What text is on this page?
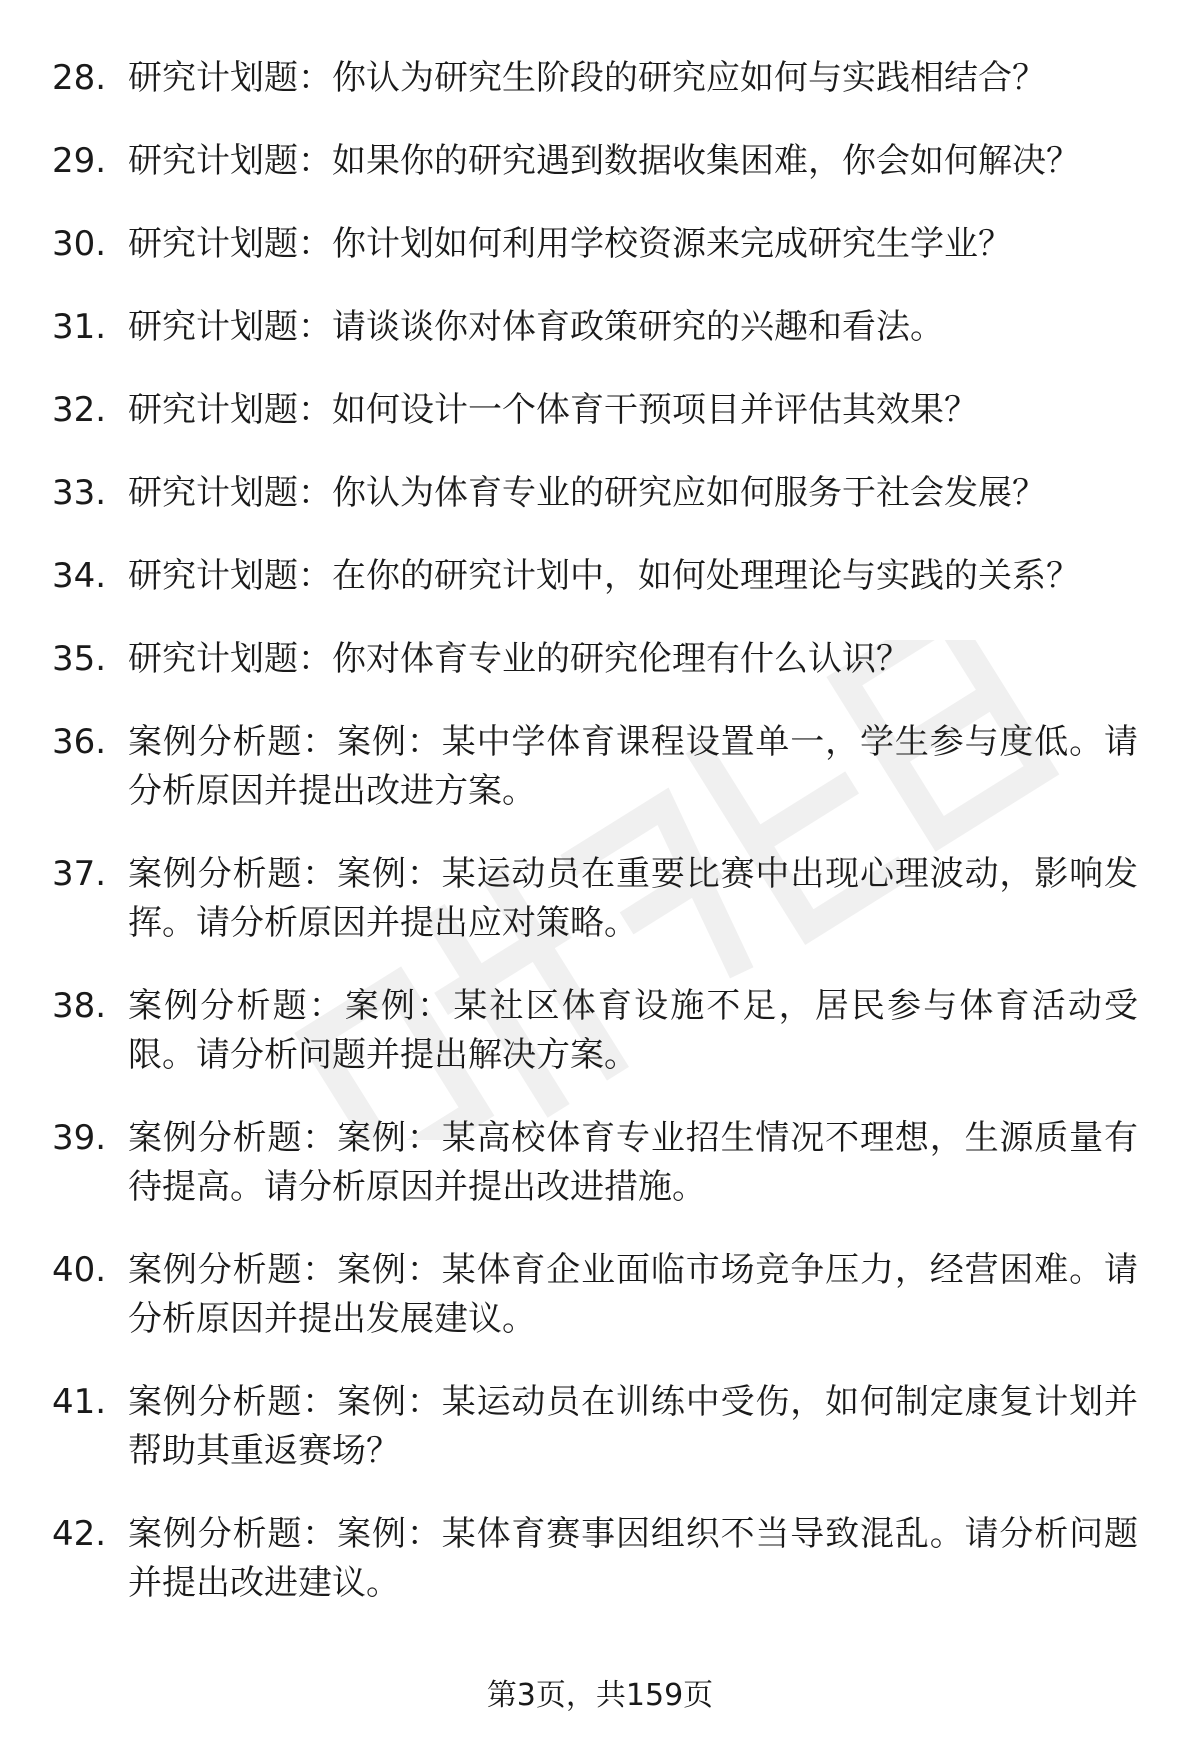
28. 研究计划题：你认为研究生阶段的研究应如何与实践相结合？
29. 研究计划题：如果你的研究遇到数据收集困难，你会如何解决？
30. 研究计划题：你计划如何利用学校资源来完成研究生学业？
31. 研究计划题：请谈谈你对体育政策研究的兴趣和看法。
32. 研究计划题：如何设计一个体育干预项目并评估其效果？
33. 研究计划题：你认为体育专业的研究应如何服务于社会发展？
34. 研究计划题：在你的研究计划中，如何处理理论与实践的关系？
35. 研究计划题：你对体育专业的研究伦理有什么认识？
36. 案例分析题：案例：某中学体育课程设置单一，学生参与度低。请分析原因并提出改进方案。
37. 案例分析题：案例：某运动员在重要比赛中出现心理波动，影响发挥。请分析原因并提出应对策略。
38. 案例分析题：案例：某社区体育设施不足，居民参与体育活动受限。请分析问题并提出解决方案。
39. 案例分析题：案例：某高校体育专业招生情况不理想，生源质量有待提高。请分析原因并提出改进措施。
40. 案例分析题：案例：某体育企业面临市场竞争压力，经营困难。请分析原因并提出发展建议。
41. 案例分析题：案例：某运动员在训练中受伤，如何制定康复计划并帮助其重返赛场？
42. 案例分析题：案例：某体育赛事因组织不当导致混乱。请分析问题并提出改进建议。
第3页，共159页
